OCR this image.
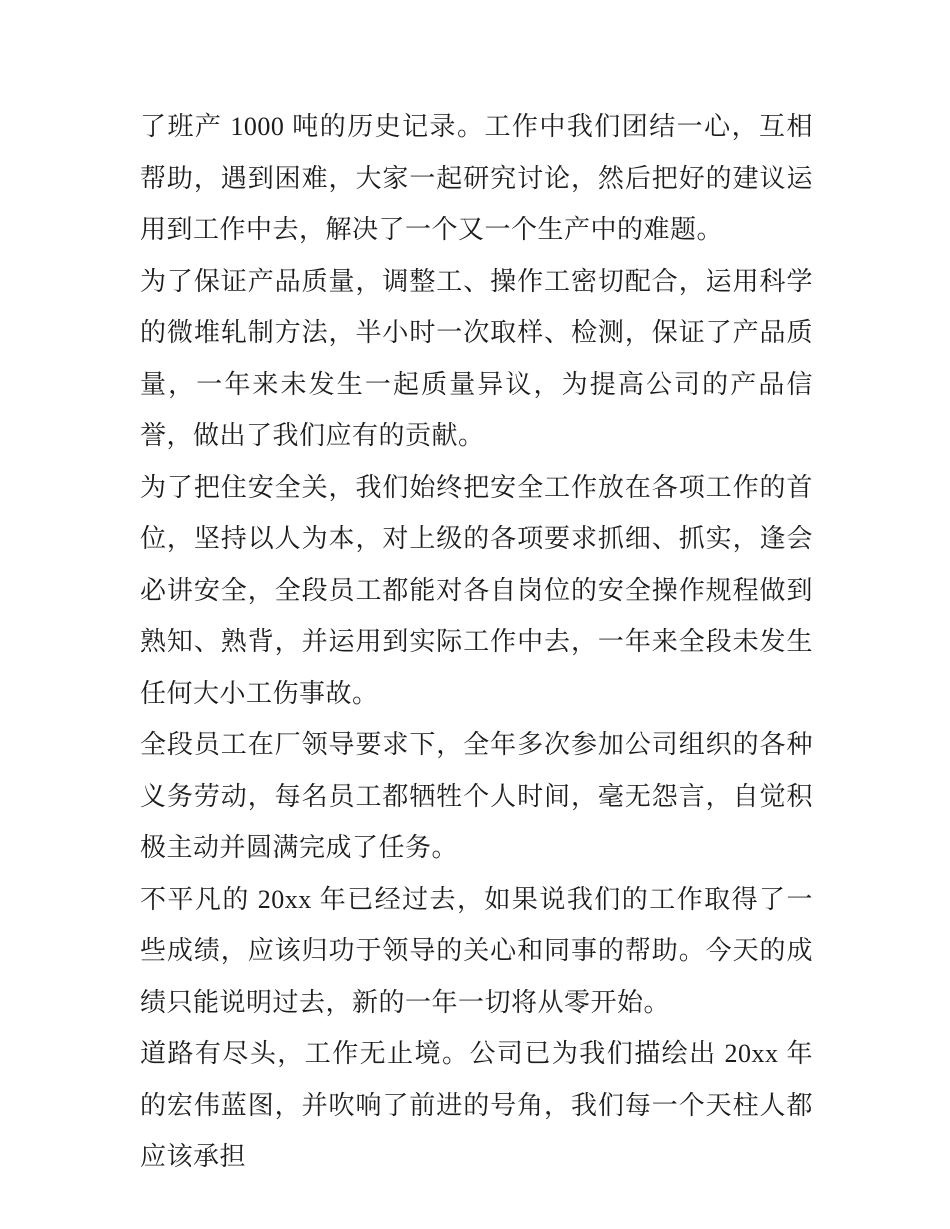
了班产 1000 吨的历史记录。工作中我们团结一心，互相帮助，遇到困难，大家一起研究讨论，然后把好的建议运用到工作中去，解决了一个又一个生产中的难题。

为了保证产品质量，调整工、操作工密切配合，运用科学的微堆轧制方法，半小时一次取样、检测，保证了产品质量，一年来未发生一起质量异议，为提高公司的产品信誉，做出了我们应有的贡献。

为了把住安全关，我们始终把安全工作放在各项工作的首位，坚持以人为本，对上级的各项要求抓细、抓实，逢会必讲安全，全段员工都能对各自岗位的安全操作规程做到熟知、熟背，并运用到实际工作中去，一年来全段未发生任何大小工伤事故。

全段员工在厂领导要求下，全年多次参加公司组织的各种义务劳动，每名员工都牺牲个人时间，毫无怨言，自觉积极主动并圆满完成了任务。

不平凡的 20xx 年已经过去，如果说我们的工作取得了一些成绩，应该归功于领导的关心和同事的帮助。今天的成绩只能说明过去，新的一年一切将从零开始。

道路有尽头，工作无止境。公司已为我们描绘出 20xx 年的宏伟蓝图，并吹响了前进的号角，我们每一个天柱人都应该承担
